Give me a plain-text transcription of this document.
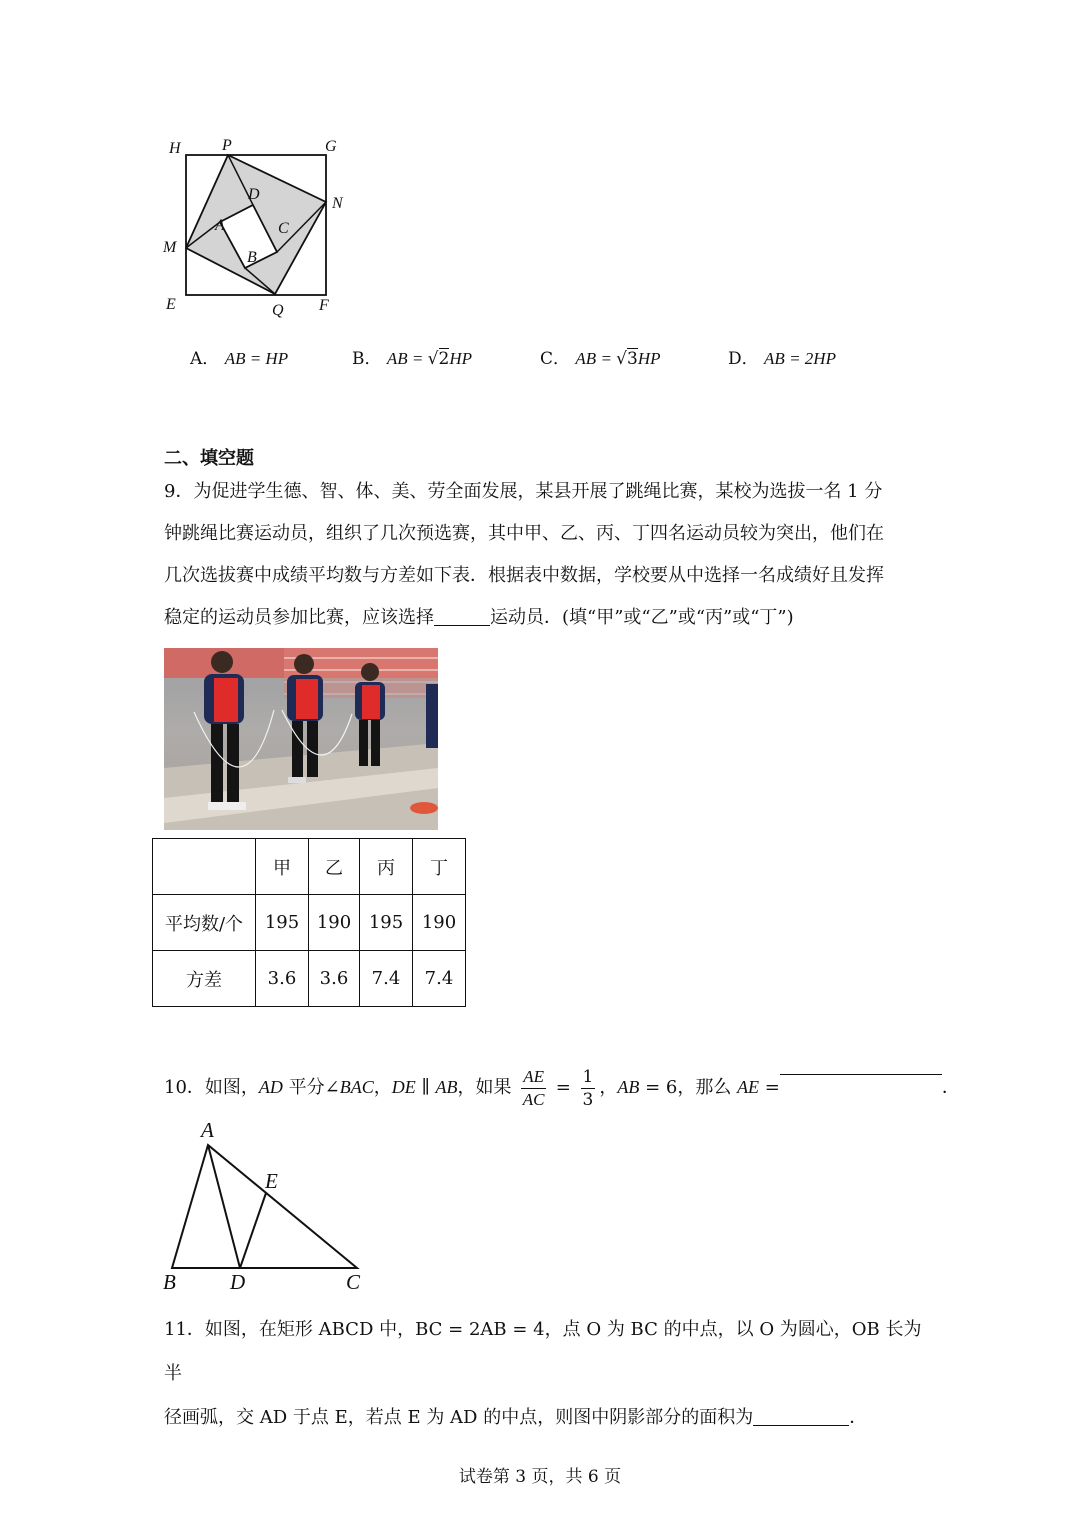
H	P	G
N
M
E	Q F
D
A	C
B
A． AB = HP	B． AB = √2HP	C． AB = √3HP	D． AB = 2HP
二、填空题
9．为促进学生德、智、体、美、劳全面发展，某县开展了跳绳比赛，某校为选拔一名 1 分
钟跳绳比赛运动员，组织了几次预选赛，其中甲、乙、丙、丁四名运动员较为突出，他们在
几次选拔赛中成绩平均数与方差如下表．根据表中数据，学校要从中选择一名成绩好且发挥
稳定的运动员参加比赛，应该选择	运动员．(填“甲”或“乙”或“丙”或“丁”)
	甲	乙	丙	丁
平均数/个	195	190	195	190
方差	3.6	3.6	7.4	7.4
10．如图，AD 平分∠BAC，DE ∥ AB，如果 $\frac{AE}{AC} = \frac{1}{3}$ ，AB = 6，那么 AE =	．
A
E
B	D	C
11．如图，在矩形 ABCD 中，BC = 2AB = 4，点 O 为 BC 的中点，以 O 为圆心，OB 长为半
径画弧，交 AD 于点 E，若点 E 为 AD 的中点，则图中阴影部分的面积为	．
试卷第 3 页，共 6 页
